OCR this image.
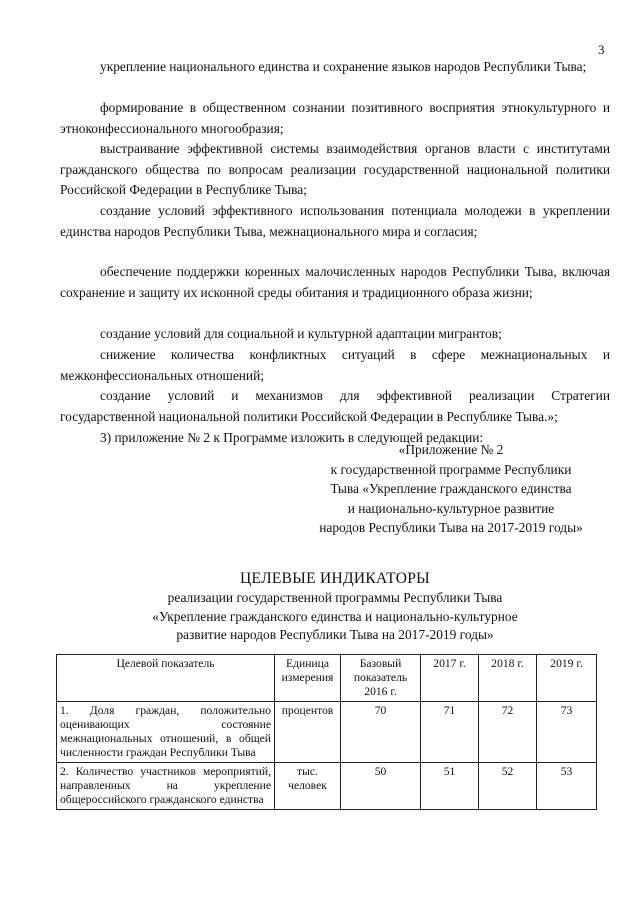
3

укрепление национального единства и сохранение языков народов Республики Тыва;

формирование в общественном сознании позитивного восприятия этнокультурного и этноконфессионального многообразия;

выстраивание эффективной системы взаимодействия органов власти с институтами гражданского общества по вопросам реализации государственной национальной политики Российской Федерации в Республике Тыва;

создание условий эффективного использования потенциала молодежи в укреплении единства народов Республики Тыва, межнационального мира и согласия;

обеспечение поддержки коренных малочисленных народов Республики Тыва, включая сохранение и защиту их исконной среды обитания и традиционного образа жизни;

создание условий для социальной и культурной адаптации мигрантов;

снижение количества конфликтных ситуаций в сфере межнациональных и межконфессиональных отношений;

создание условий и механизмов для эффективной реализации Стратегии государственной национальной политики Российской Федерации в Республике Тыва.»;

3) приложение № 2 к Программе изложить в следующей редакции:

«Приложение № 2
к государственной программе Республики
Тыва «Укрепление гражданского единства
и национально-культурное развитие
народов Республики Тыва на 2017-2019 годы»
ЦЕЛЕВЫЕ ИНДИКАТОРЫ
реализации государственной программы Республики Тыва
«Укрепление гражданского единства и национально-культурное
развитие народов Республики Тыва на 2017-2019 годы»
Целевой показатель	Единица измерения	Базовый показатель 2016 г.	2017 г.	2018 г.	2019 г.
1. Доля граждан, положительно оценивающих состояние межнациональных отношений, в общей численности граждан Республики Тыва	процентов	70	71	72	73
2. Количество участников мероприятий, направленных на укрепление общероссийского гражданского единства	тыс. человек	50	51	52	53
